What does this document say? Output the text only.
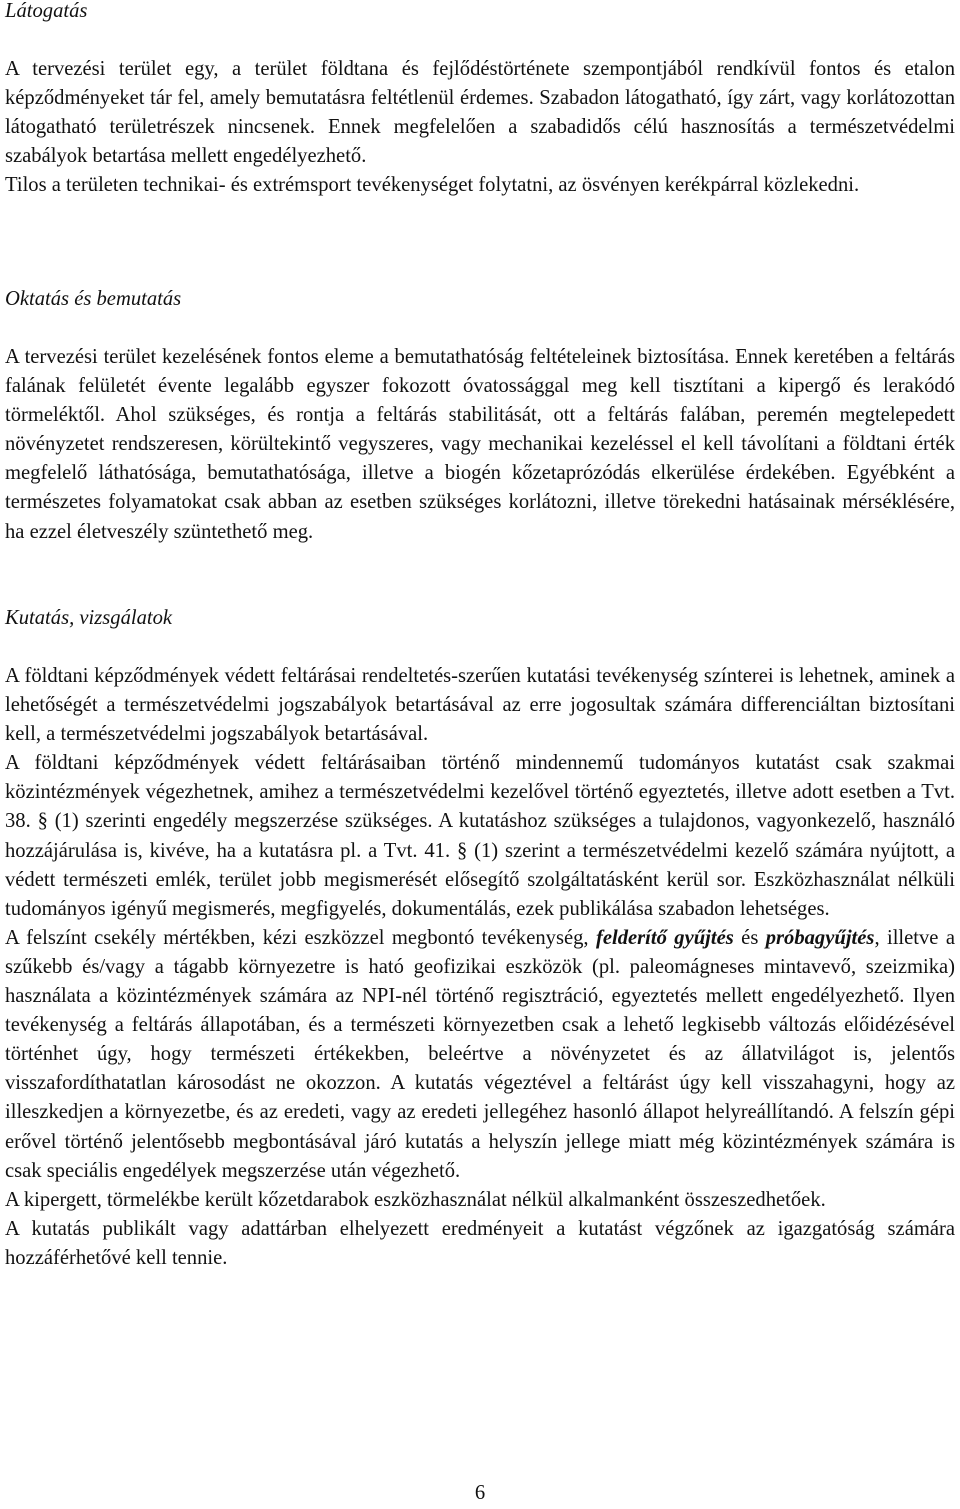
Látogatás

A tervezési terület egy, a terület földtana és fejlődéstörténete szempontjából rendkívül fontos és etalon képződményeket tár fel, amely bemutatásra feltétlenül érdemes. Szabadon látogatható, így zárt, vagy korlátozottan látogatható területrészek nincsenek. Ennek megfelelően a szabadidős célú hasznosítás a természetvédelmi szabályok betartása mellett engedélyezhető.

Tilos a területen technikai- és extrémsport tevékenységet folytatni, az ösvényen kerékpárral közlekedni.

Oktatás és bemutatás

A tervezési terület kezelésének fontos eleme a bemutathatóság feltételeinek biztosítása. Ennek keretében a feltárás falának felületét évente legalább egyszer fokozott óvatossággal meg kell tisztítani a kipergő és lerakódó törmeléktől. Ahol szükséges, és rontja a feltárás stabilitását, ott a feltárás falában, peremén megtelepedett növényzetet rendszeresen, körültekintő vegyszeres, vagy mechanikai kezeléssel el kell távolítani a földtani érték megfelelő láthatósága, bemutathatósága, illetve a biogén kőzetaprózódás elkerülése érdekében. Egyébként a természetes folyamatokat csak abban az esetben szükséges korlátozni, illetve törekedni hatásainak mérséklésére, ha ezzel életveszély szüntethető meg.

Kutatás, vizsgálatok

A földtani képződmények védett feltárásai rendeltetés-szerűen kutatási tevékenység színterei is lehetnek, aminek a lehetőségét a természetvédelmi jogszabályok betartásával az erre jogosultak számára differenciáltan biztosítani kell, a természetvédelmi jogszabályok betartásával.

A földtani képződmények védett feltárásaiban történő mindennemű tudományos kutatást csak szakmai közintézmények végezhetnek, amihez a természetvédelmi kezelővel történő egyeztetés, illetve adott esetben a Tvt. 38. § (1) szerinti engedély megszerzése szükséges. A kutatáshoz szükséges a tulajdonos, vagyonkezelő, használó hozzájárulása is, kivéve, ha a kutatásra pl. a Tvt. 41. § (1) szerint a természetvédelmi kezelő számára nyújtott, a védett természeti emlék, terület jobb megismerését elősegítő szolgáltatásként kerül sor. Eszközhasználat nélküli tudományos igényű megismerés, megfigyelés, dokumentálás, ezek publikálása szabadon lehetséges.

A felszínt csekély mértékben, kézi eszközzel megbontó tevékenység, felderítő gyűjtés és próbagyűjtés, illetve a szűkebb és/vagy a tágabb környezetre is ható geofizikai eszközök (pl. paleomágneses mintavevő, szeizmika) használata a közintézmények számára az NPI-nél történő regisztráció, egyeztetés mellett engedélyezhető. Ilyen tevékenység a feltárás állapotában, és a természeti környezetben csak a lehető legkisebb változás előidézésével történhet úgy, hogy természeti értékekben, beleértve a növényzetet és az állatvilágot is, jelentős visszafordíthatatlan károsodást ne okozzon. A kutatás végeztével a feltárást úgy kell visszahagyni, hogy az illeszkedjen a környezetbe, és az eredeti, vagy az eredeti jellegéhez hasonló állapot helyreállítandó. A felszín gépi erővel történő jelentősebb megbontásával járó kutatás a helyszín jellege miatt még közintézmények számára is csak speciális engedélyek megszerzése után végezhető.

A kipergett, törmelékbe került kőzetdarabok eszközhasználat nélkül alkalmanként összeszedhetőek.

A kutatás publikált vagy adattárban elhelyezett eredményeit a kutatást végzőnek az igazgatóság számára hozzáférhetővé kell tennie.

6
